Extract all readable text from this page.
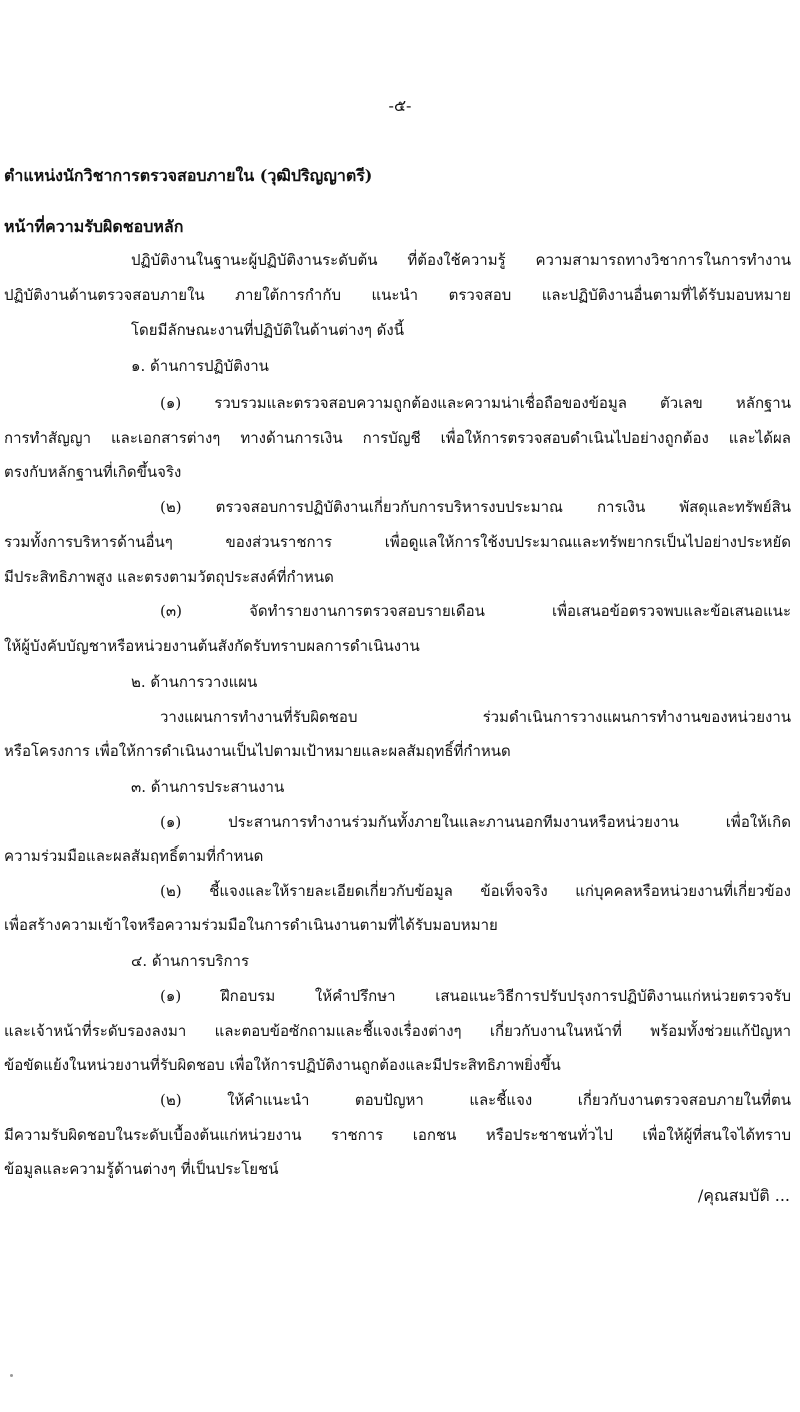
-๕-
ตำแหน่งนักวิชาการตรวจสอบภายใน (วุฒิปริญญาตรี)
หน้าที่ความรับผิดชอบหลัก
ปฏิบัติงานในฐานะผู้ปฏิบัติงานระดับต้น ที่ต้องใช้ความรู้ ความสามารถทางวิชาการในการทำงาน
ปฏิบัติงานด้านตรวจสอบภายใน ภายใต้การกำกับ แนะนำ ตรวจสอบ และปฏิบัติงานอื่นตามที่ได้รับมอบหมาย
โดยมีลักษณะงานที่ปฏิบัติในด้านต่างๆ ดังนี้
๑. ด้านการปฏิบัติงาน
(๑) รวบรวมและตรวจสอบความถูกต้องและความน่าเชื่อถือของข้อมูล ตัวเลข หลักฐาน
การทำสัญญา และเอกสารต่างๆ ทางด้านการเงิน การบัญชี เพื่อให้การตรวจสอบดำเนินไปอย่างถูกต้อง และได้ผล
ตรงกับหลักฐานที่เกิดขึ้นจริง
(๒) ตรวจสอบการปฏิบัติงานเกี่ยวกับการบริหารงบประมาณ การเงิน พัสดุและทรัพย์สิน
รวมทั้งการบริหารด้านอื่นๆ ของส่วนราชการ เพื่อดูแลให้การใช้งบประมาณและทรัพยากรเป็นไปอย่างประหยัด
มีประสิทธิภาพสูง และตรงตามวัตถุประสงค์ที่กำหนด
(๓) จัดทำรายงานการตรวจสอบรายเดือน เพื่อเสนอข้อตรวจพบและข้อเสนอแนะ
ให้ผู้บังคับบัญชาหรือหน่วยงานต้นสังกัดรับทราบผลการดำเนินงาน
๒. ด้านการวางแผน
วางแผนการทำงานที่รับผิดชอบ ร่วมดำเนินการวางแผนการทำงานของหน่วยงาน
หรือโครงการ เพื่อให้การดำเนินงานเป็นไปตามเป้าหมายและผลสัมฤทธิ์ที่กำหนด
๓. ด้านการประสานงาน
(๑) ประสานการทำงานร่วมกันทั้งภายในและภานนอกทีมงานหรือหน่วยงาน เพื่อให้เกิด
ความร่วมมือและผลสัมฤทธิ์ตามที่กำหนด
(๒) ชี้แจงและให้รายละเอียดเกี่ยวกับข้อมูล ข้อเท็จจริง แก่บุคคลหรือหน่วยงานที่เกี่ยวข้อง
เพื่อสร้างความเข้าใจหรือความร่วมมือในการดำเนินงานตามที่ได้รับมอบหมาย
๔. ด้านการบริการ
(๑) ฝึกอบรม ให้คำปรึกษา เสนอแนะวิธีการปรับปรุงการปฏิบัติงานแก่หน่วยตรวจรับ
และเจ้าหน้าที่ระดับรองลงมา และตอบข้อซักถามและชี้แจงเรื่องต่างๆ เกี่ยวกับงานในหน้าที่ พร้อมทั้งช่วยแก้ปัญหา
ข้อขัดแย้งในหน่วยงานที่รับผิดชอบ เพื่อให้การปฏิบัติงานถูกต้องและมีประสิทธิภาพยิ่งขึ้น
(๒) ให้คำแนะนำ ตอบปัญหา และชี้แจง เกี่ยวกับงานตรวจสอบภายในที่ตน
มีความรับผิดชอบในระดับเบื้องต้นแก่หน่วยงาน ราชการ เอกชน หรือประชาชนทั่วไป เพื่อให้ผู้ที่สนใจได้ทราบ
ข้อมูลและความรู้ด้านต่างๆ ที่เป็นประโยชน์
/คุณสมบัติ ...
